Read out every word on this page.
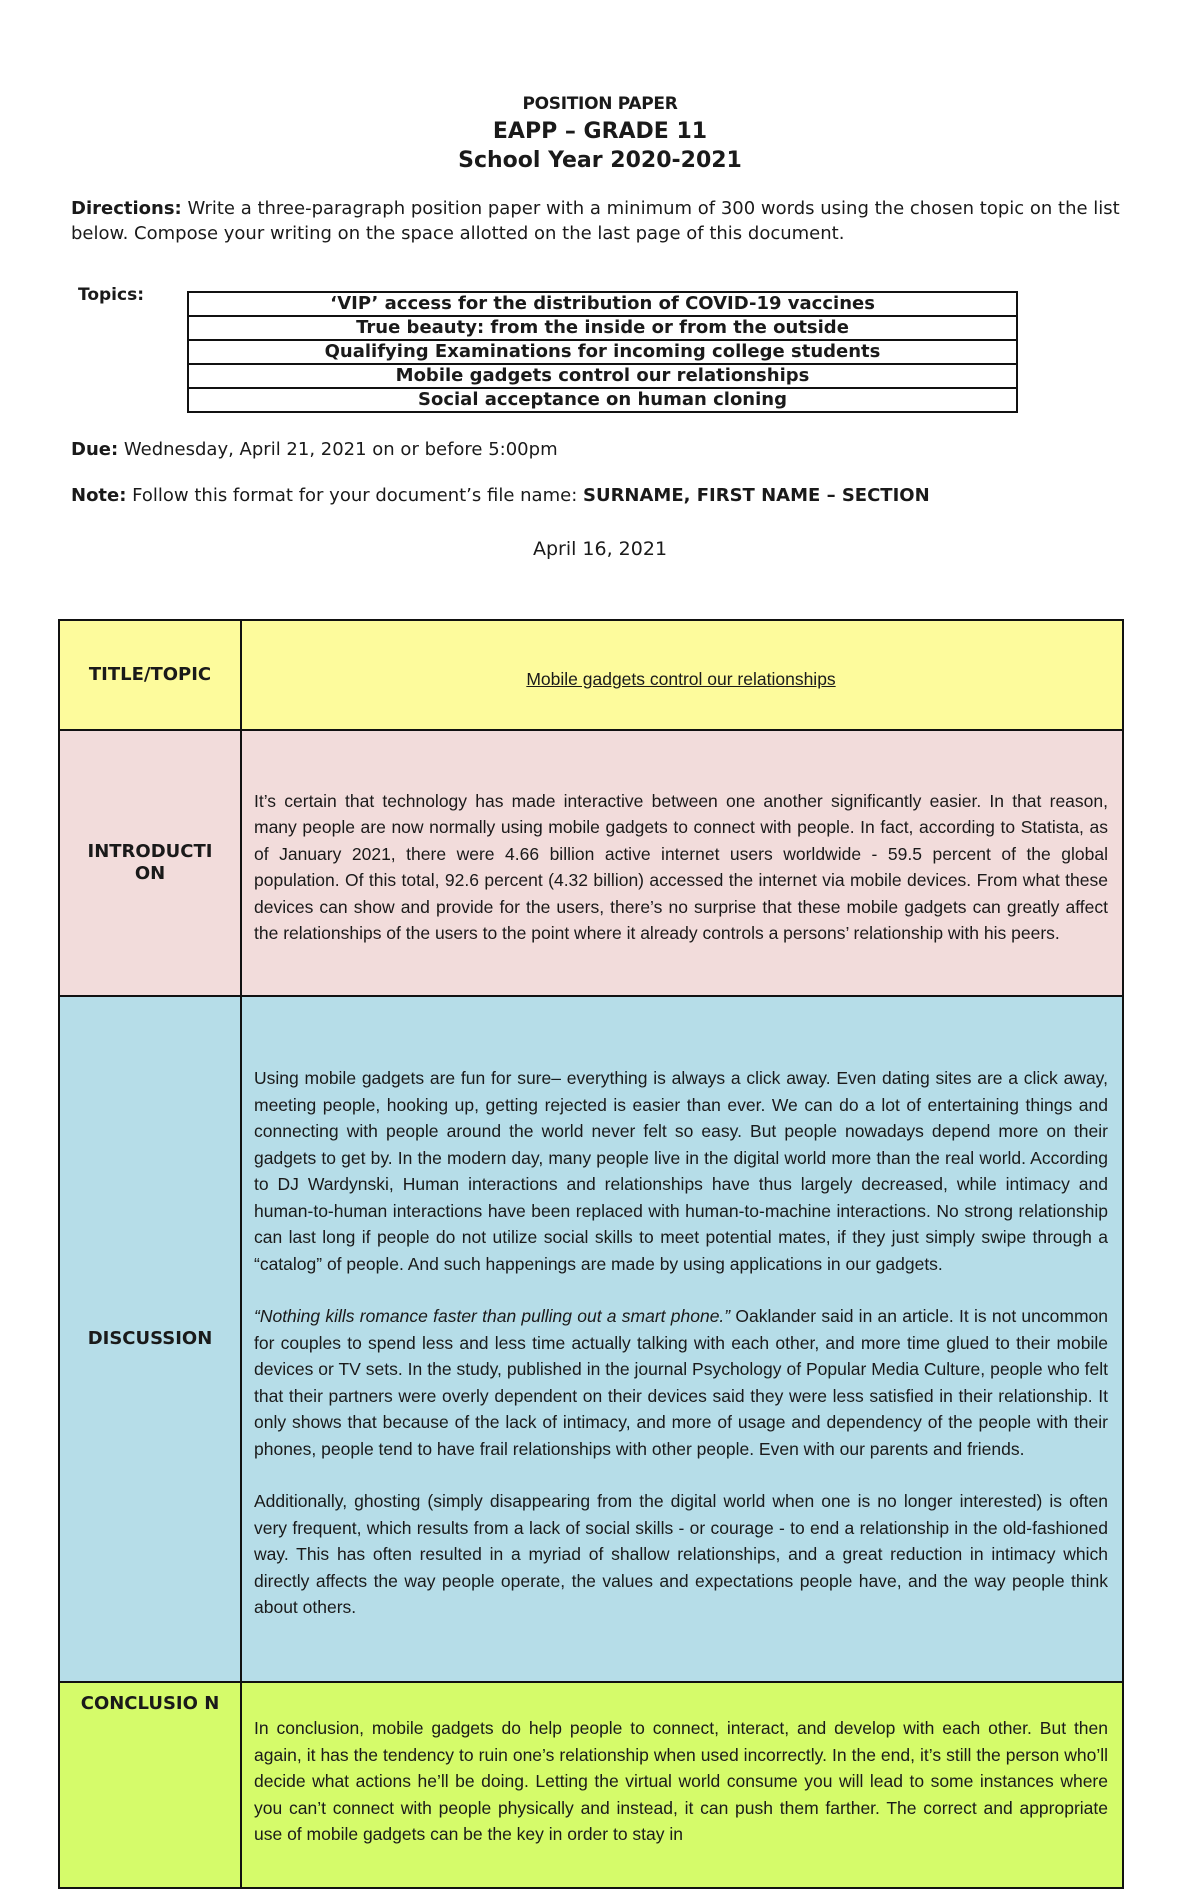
POSITION PAPER
EAPP – GRADE 11
School Year 2020-2021
Directions: Write a three-paragraph position paper with a minimum of 300 words using the chosen topic on the list below. Compose your writing on the space allotted on the last page of this document.
Topics:	‘VIP’ access for the distribution of COVID-19 vaccines
True beauty: from the inside or from the outside
Qualifying Examinations for incoming college students
Mobile gadgets control our relationships
Social acceptance on human cloning
Due: Wednesday, April 21, 2021 on or before 5:00pm
Note: Follow this format for your document’s file name: SURNAME, FIRST NAME – SECTION
April 16, 2021
TITLE/TOPIC	Mobile gadgets control our relationships
INTRODUCTI ON	It’s certain that technology has made interactive between one another significantly easier. In that reason, many people are now normally using mobile gadgets to connect with people. In fact, according to Statista, as of January 2021, there were 4.66 billion active internet users worldwide - 59.5 percent of the global population. Of this total, 92.6 percent (4.32 billion) accessed the internet via mobile devices. From what these devices can show and provide for the users, there’s no surprise that these mobile gadgets can greatly affect the relationships of the users to the point where it already controls a persons’ relationship with his peers.

DISCUSSION	Using mobile gadgets are fun for sure– everything is always a click away. Even dating sites are a click away, meeting people, hooking up, getting rejected is easier than ever. We can do a lot of entertaining things and connecting with people around the world never felt so easy. But people nowadays depend more on their gadgets to get by. In the modern day, many people live in the digital world more than the real world. According to DJ Wardynski, Human interactions and relationships have thus largely decreased, while intimacy and human-to-human interactions have been replaced with human-to-machine interactions. No strong relationship can last long if people do not utilize social skills to meet potential mates, if they just simply swipe through a “catalog” of people. And such happenings are made by using applications in our gadgets.

“Nothing kills romance faster than pulling out a smart phone.” Oaklander said in an article. It is not uncommon for couples to spend less and less time actually talking with each other, and more time glued to their mobile devices or TV sets. In the study, published in the journal Psychology of Popular Media Culture, people who felt that their partners were overly dependent on their devices said they were less satisfied in their relationship. It only shows that because of the lack of intimacy, and more of usage and dependency of the people with their phones, people tend to have frail relationships with other people. Even with our parents and friends.

Additionally, ghosting (simply disappearing from the digital world when one is no longer interested) is often very frequent, which results from a lack of social skills - or courage - to end a relationship in the old-fashioned way. This has often resulted in a myriad of shallow relationships, and a great reduction in intimacy which directly affects the way people operate, the values and expectations people have, and the way people think about others.

CONCLUSIO N	In conclusion, mobile gadgets do help people to connect, interact, and develop with each other. But then again, it has the tendency to ruin one’s relationship when used incorrectly. In the end, it’s still the person who’ll decide what actions he’ll be doing. Letting the virtual world consume you will lead to some instances where you can’t connect with people physically and instead, it can push them farther. The correct and appropriate use of mobile gadgets can be the key in order to stay in
